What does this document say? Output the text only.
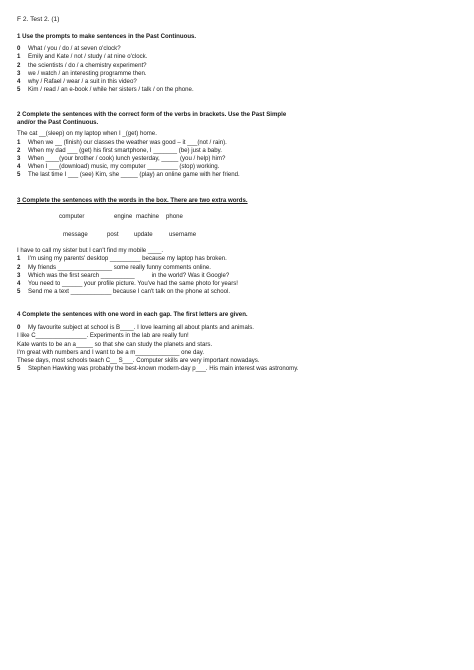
F 2. Test 2. (1)
1 Use the prompts to make sentences in the Past Continuous.
0	What / you / do / at seven o'clock?
1	Emily and Kate / not / study / at nine o'clock.
2	the scientists / do / a chemistry experiment?
3	we / watch / an interesting programme then.
4	why / Rafael / wear / a suit in this video?
5	Kim / read / an e-book / while her sisters / talk / on the phone.
2 Complete the sentences with the correct form of the verbs in brackets. Use the Past Simple
and/or the Past Continuous.
The cat __(sleep) on my laptop when I _(get) home.
1	When we __ (finish) our classes the weather was good – it ___(not / rain).
2	When my dad ___ (get) his first smartphone, I _______ (be) just a baby.
3	When ____(your brother / cook) lunch yesterday, _____ (you / help) him?
4	When I ___(download) music, my computer _________ (stop) working.
5	The last time I ___ (see) Kim, she _____ (play) an online game with her friend.
3 Complete the sentences with the words in the box. There are two extra words.
computer	engine machine phone
message	post	update	username
I have to call my sister but I can't find my mobile ____.
1	I'm using my parents' desktop _________ because my laptop has broken.
2	My friends ________________ some really funny comments online.
3	Which was the first search __________          in the world? Was it Google?
4	You need to ______ your profile picture. You've had the same photo for years!
5	Send me a text ____________ because I can't talk on the phone at school.
4 Complete the sentences with one word in each gap. The first letters are given.
0	My favourite subject at school is B____. I love learning all about plants and animals.
I like C_______________. Experiments in the lab are really fun!
Kate wants to be an a_____ so that she can study the planets and stars.
I'm great with numbers and I want to be a m_____________ one day.
These days, most schools teach C__ S___. Computer skills are very important nowadays.
5	Stephen Hawking was probably the best-known modern-day p___. His main interest was astronomy.
